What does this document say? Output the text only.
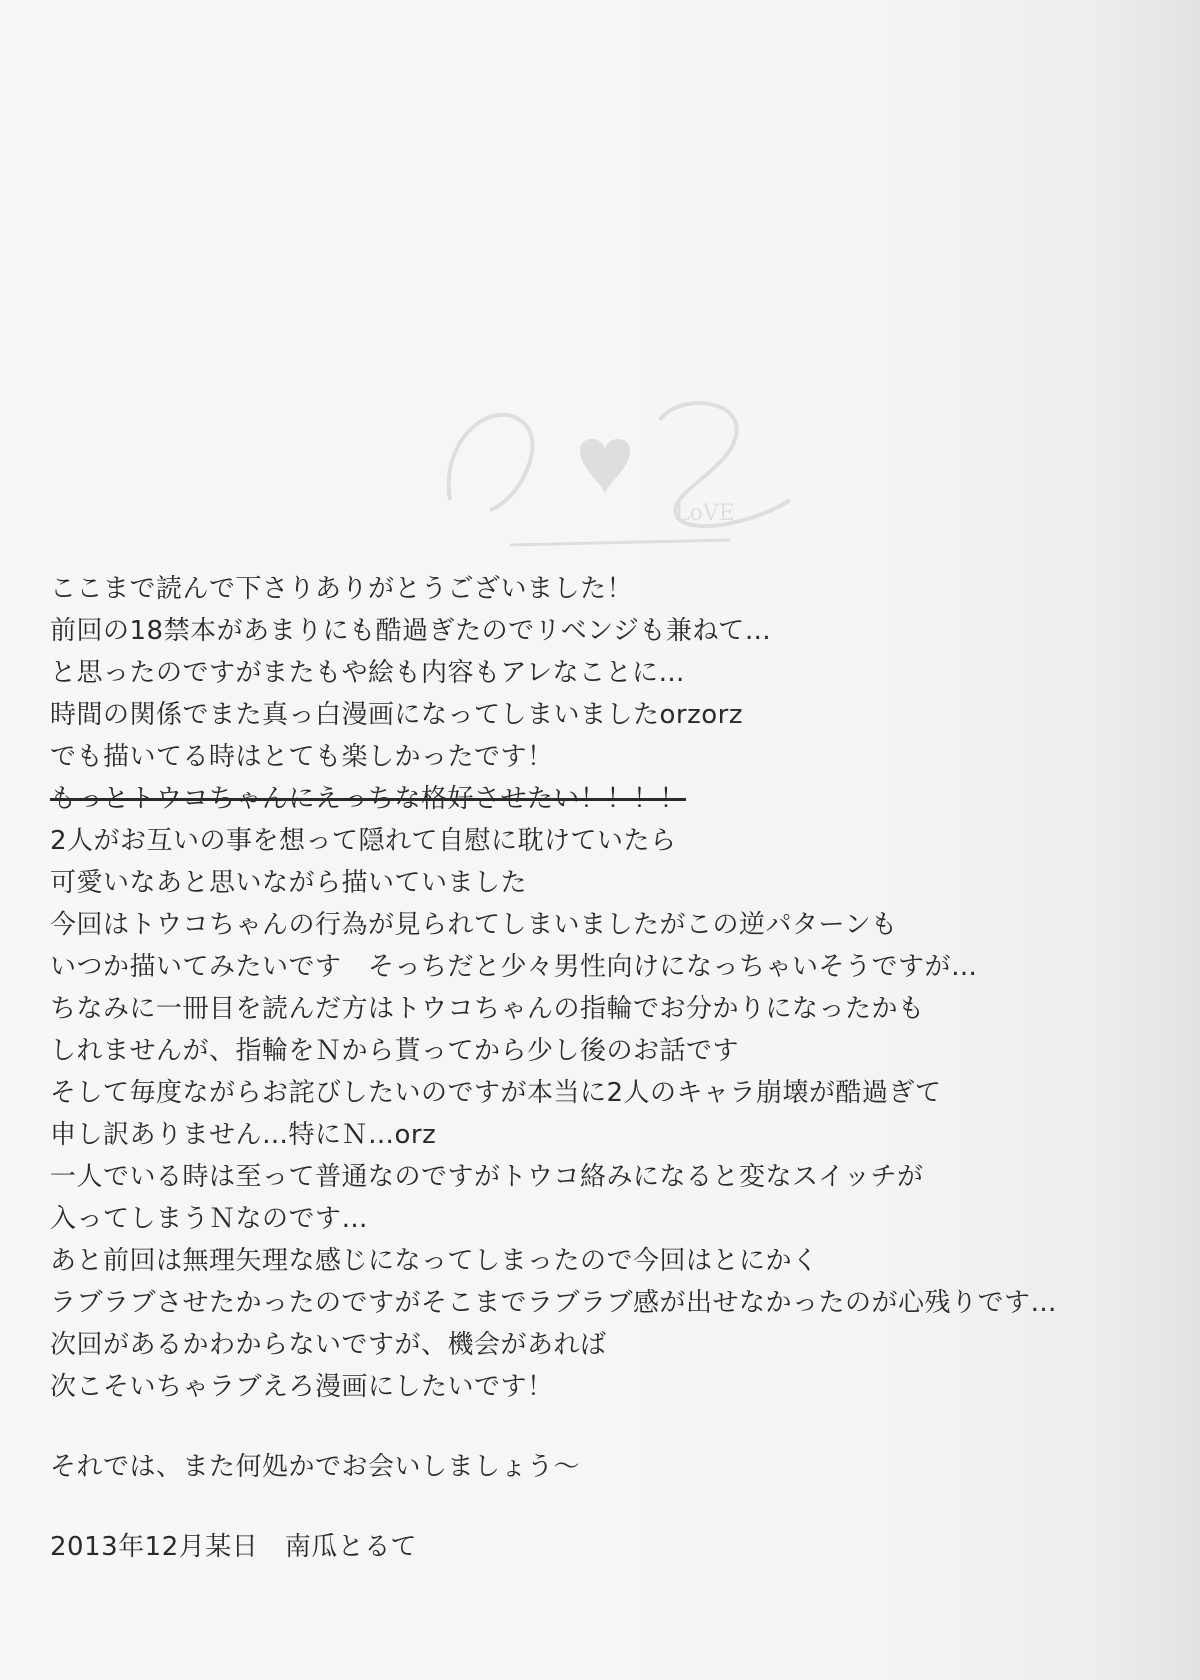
LoVE
ここまで読んで下さりありがとうございました！
前回の18禁本があまりにも酷過ぎたのでリベンジも兼ねて…
と思ったのですがまたもや絵も内容もアレなことに…
時間の関係でまた真っ白漫画になってしまいましたorzorz
でも描いてる時はとても楽しかったです！
もっとトウコちゃんにえっちな格好させたい！！！！
2人がお互いの事を想って隠れて自慰に耽けていたら
可愛いなあと思いながら描いていました
今回はトウコちゃんの行為が見られてしまいましたがこの逆パターンも
いつか描いてみたいです　そっちだと少々男性向けになっちゃいそうですが…
ちなみに一冊目を読んだ方はトウコちゃんの指輪でお分かりになったかも
しれませんが、指輪をＮから貰ってから少し後のお話です
そして毎度ながらお詫びしたいのですが本当に2人のキャラ崩壊が酷過ぎて
申し訳ありません…特にＮ…orz
一人でいる時は至って普通なのですがトウコ絡みになると変なスイッチが
入ってしまうＮなのです…
あと前回は無理矢理な感じになってしまったので今回はとにかく
ラブラブさせたかったのですがそこまでラブラブ感が出せなかったのが心残りです…
次回があるかわからないですが、機会があれば
次こそいちゃラブえろ漫画にしたいです！
それでは、また何処かでお会いしましょう～
2013年12月某日　南瓜とるて
